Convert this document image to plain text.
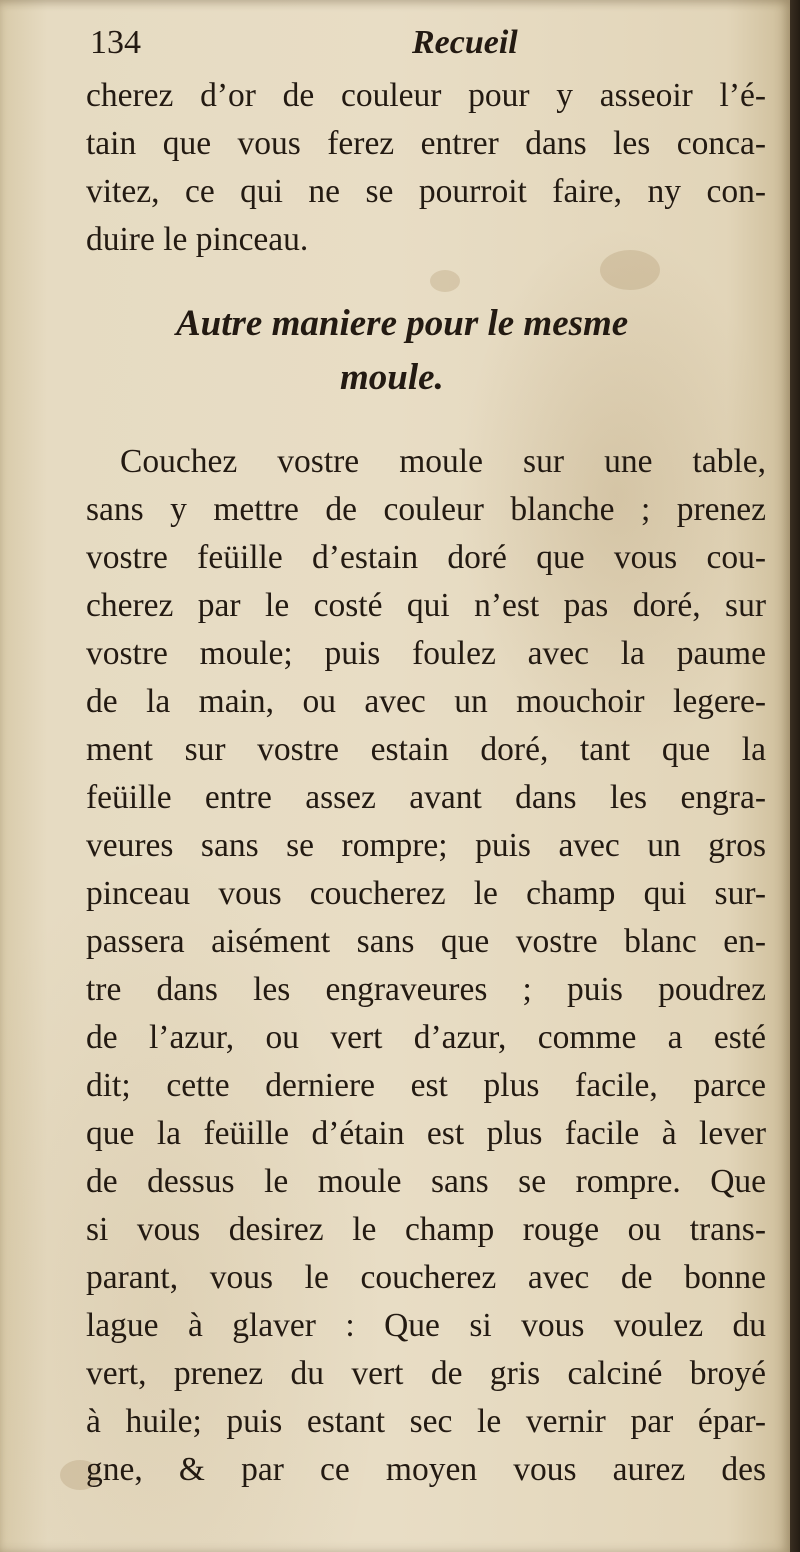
134	Recueil
cherez d’or de couleur pour y asseoir l’é-
tain que vous ferez entrer dans les conca-
vitez, ce qui ne se pourroit faire, ny con-
duire le pinceau.
Autre maniere pour le mesme
moule.
Couchez vostre moule sur une table,
sans y mettre de couleur blanche ; prenez
vostre feüille d’estain doré que vous cou-
cherez par le costé qui n’est pas doré, sur
vostre moule; puis foulez avec la paume
de la main, ou avec un mouchoir legere-
ment sur vostre estain doré, tant que la
feüille entre assez avant dans les engra-
veures sans se rompre; puis avec un gros
pinceau vous coucherez le champ qui sur-
passera aisément sans que vostre blanc en-
tre dans les engraveures ; puis poudrez
de l’azur, ou vert d’azur, comme a esté
dit; cette derniere est plus facile, parce
que la feüille d’étain est plus facile à lever
de dessus le moule sans se rompre. Que
si vous desirez le champ rouge ou trans-
parant, vous le coucherez avec de bonne
lague à glaver : Que si vous voulez du
vert, prenez du vert de gris calciné broyé
à huile; puis estant sec le vernir par épar-
gne, & par ce moyen vous aurez des
